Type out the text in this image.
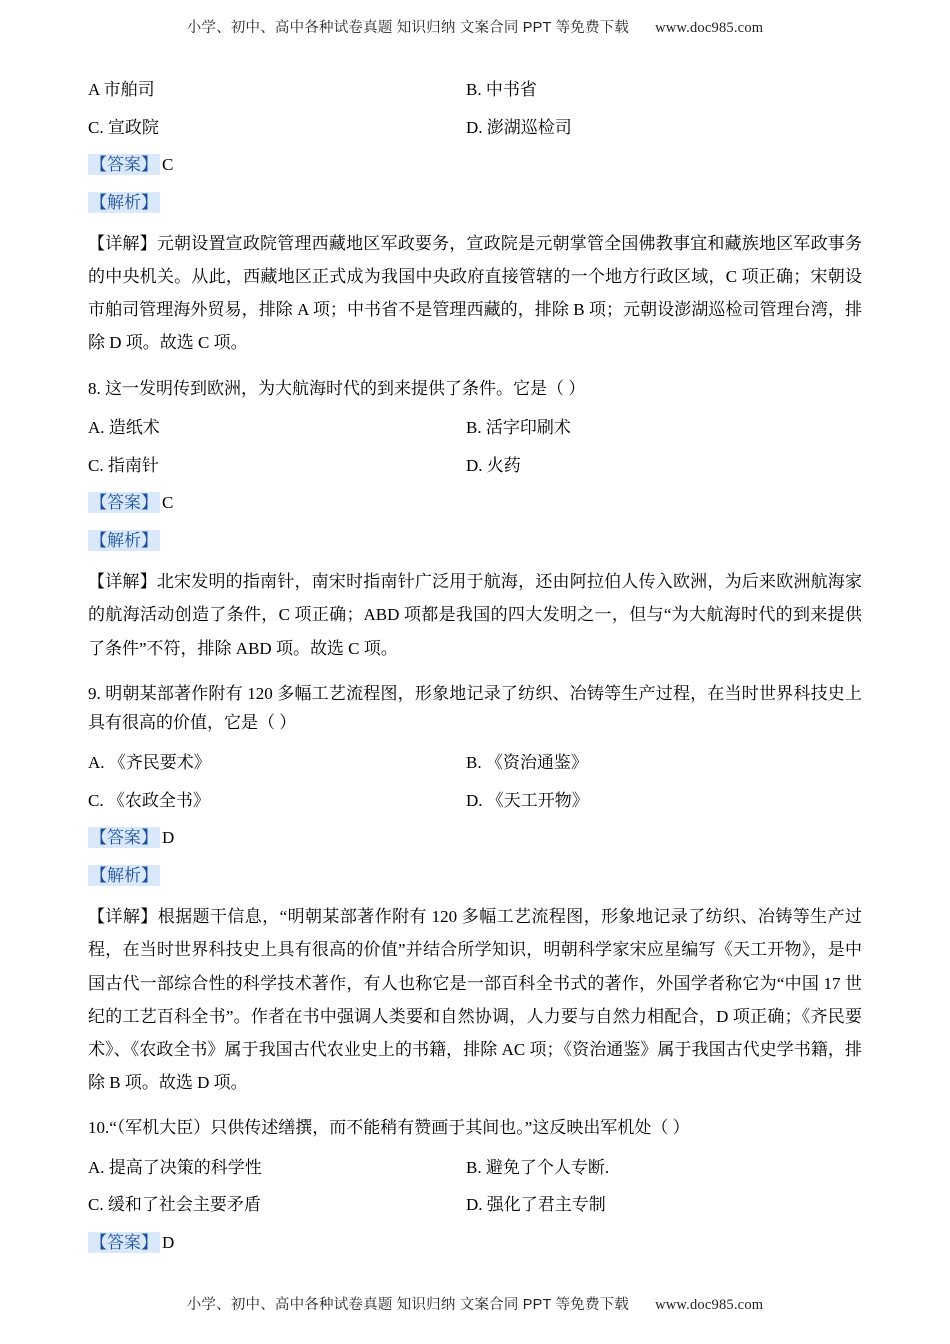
小学、初中、高中各种试卷真题 知识归纳 文案合同 PPT 等免费下载 www.doc985.com
A 市舶司	B. 中书省
C. 宣政院	D. 澎湖巡检司
【答案】 C
【解析】
【详解】元朝设置宣政院管理西藏地区军政要务，宣政院是元朝掌管全国佛教事宜和藏族地区军政事务的中央机关。从此，西藏地区正式成为我国中央政府直接管辖的一个地方行政区域，C 项正确；宋朝设市舶司管理海外贸易，排除 A 项；中书省不是管理西藏的，排除 B 项；元朝设澎湖巡检司管理台湾，排除 D 项。故选 C 项。
8. 这一发明传到欧洲，为大航海时代的到来提供了条件。它是（ ）
A. 造纸术	B. 活字印刷术
C. 指南针	D. 火药
【答案】 C
【解析】
【详解】北宋发明的指南针，南宋时指南针广泛用于航海，还由阿拉伯人传入欧洲，为后来欧洲航海家的航海活动创造了条件，C 项正确；ABD 项都是我国的四大发明之一，但与“为大航海时代的到来提供了条件”不符，排除 ABD 项。故选 C 项。
9. 明朝某部著作附有 120 多幅工艺流程图，形象地记录了纺织、冶铸等生产过程，在当时世界科技史上具有很高的价值，它是（ ）
A. 《齐民要术》	B. 《资治通鉴》
C. 《农政全书》	D. 《天工开物》
【答案】 D
【解析】
【详解】根据题干信息，“明朝某部著作附有 120 多幅工艺流程图，形象地记录了纺织、冶铸等生产过程，在当时世界科技史上具有很高的价值”并结合所学知识，明朝科学家宋应星编写《天工开物》，是中国古代一部综合性的科学技术著作，有人也称它是一部百科全书式的著作，外国学者称它为“中国 17 世纪的工艺百科全书”。作者在书中强调人类要和自然协调，人力要与自然力相配合，D 项正确；《齐民要术》、《农政全书》属于我国古代农业史上的书籍，排除 AC 项；《资治通鉴》属于我国古代史学书籍，排除 B 项。故选 D 项。
10.“（军机大臣）只供传述缮撰，而不能稍有赞画于其间也。”这反映出军机处（ ）
A. 提高了决策的科学性	B. 避免了个人专断.
C. 缓和了社会主要矛盾	D. 强化了君主专制
【答案】 D
小学、初中、高中各种试卷真题 知识归纳 文案合同 PPT 等免费下载 www.doc985.com
